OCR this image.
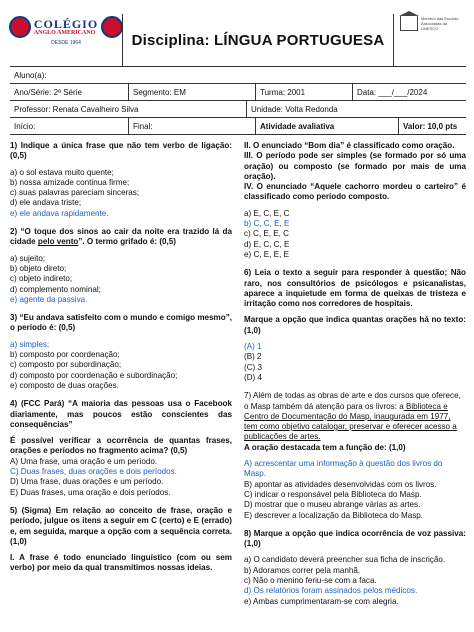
COLÉGIO
ANGLO AMERICANO
DESDE 1964	Disciplina: LÍNGUA PORTUGUESA
Membro das Escolas Associadas da UNESCO
Aluno(a):
Ano/Série: 2ª Série	Segmento: EM	Turma: 2001	Data: ___/___/2024
Professor: Renata Cavalheiro Silva	Unidade: Volta Redonda
Início:	Final:	Atividade avaliativa	Valor: 10,0 pts
1) Indique a única frase que não tem verbo de ligação: (0,5)

a) o sol estava muito quente;

b) nossa amizade continua firme;

c) suas palavras pareciam sinceras;

d) ele andava triste;

e) ele andava rapidamente.

2) “O toque dos sinos ao cair da noite era trazido lá da cidade pelo vento”. O termo grifado é: (0,5)

a) sujeito;

b) objeto direto;

c) objeto indireto;

d) complemento nominal;

e) agente da passiva.

3) “Eu andava satisfeito com o mundo e comigo mesmo”, o período é: (0,5)

a) simples;

b) composto por coordenação;

c) composto por subordinação;

d) composto por coordenação e subordinação;

e) composto de duas orações.

4) (FCC Pará) “A maioria das pessoas usa o Facebook diariamente, mas poucos estão conscientes das consequências”
É possível verificar a ocorrência de quantas frases, orações e períodos no fragmento acima? (0,5)

A) Uma frase, uma oração e um período.

C) Duas frases, duas orações e dois períodos.

D) Uma frase, duas orações e um período.

E) Duas frases, uma oração e dois períodos.

5) (Sigma) Em relação ao conceito de frase, oração e período, julgue os itens a seguir em C (certo) e E (errado) e, em seguida, marque a opção com a sequência correta. (1,0)
I. A frase é todo enunciado linguístico (com ou sem verbo) por meio da qual transmitimos nossas ideias.
II. O enunciado “Bom dia” é classificado como oração.
III. O período pode ser simples (se formado por só uma oração) ou composto (se formado por mais de uma oração).
IV. O enunciado “Aquele cachorro mordeu o carteiro” é classificado como período composto.

a) E, C, E, C

b) C, C, E, E

c) C, E, E, C

d) E, C, C, E

e) C, E, E, E

6) Leia o texto a seguir para responder à questão; Não raro, nos consultórios de psicólogos e psicanalistas, aparece a inquietude em forma de queixas de tristeza e irritação como nos corredores de hospitais.
Marque a opção que indica quantas orações há no texto: (1,0)

(A) 1

(B) 2

(C) 3

(D) 4

7) Além de todas as obras de arte e dos cursos que oferece, o Masp também dá atenção para os livros: a Biblioteca e Centro de Documentação do Masp, inaugurada em 1977, tem como objetivo catalogar, preservar e oferecer acesso a publicações de artes.
A oração destacada tem a função de: (1,0)

A) acrescentar uma informação à questão dos livros do Masp.

B) apontar as atividades desenvolvidas com os livros.

C) indicar o responsável pela Biblioteca do Masp.

D) mostrar que o museu abrange várias as artes.

E) descrever a localização da Biblioteca do Masp.

8) Marque a opção que indica ocorrência de voz passiva: (1,0)

a) O candidato deverá preencher sua ficha de inscrição.

b) Adoramos correr pela manhã.

c) Não o menino feriu-se com a faca.

d) Os relatórios foram assinados pelos médicos.

e) Ambas cumprimentaram-se com alegria.
